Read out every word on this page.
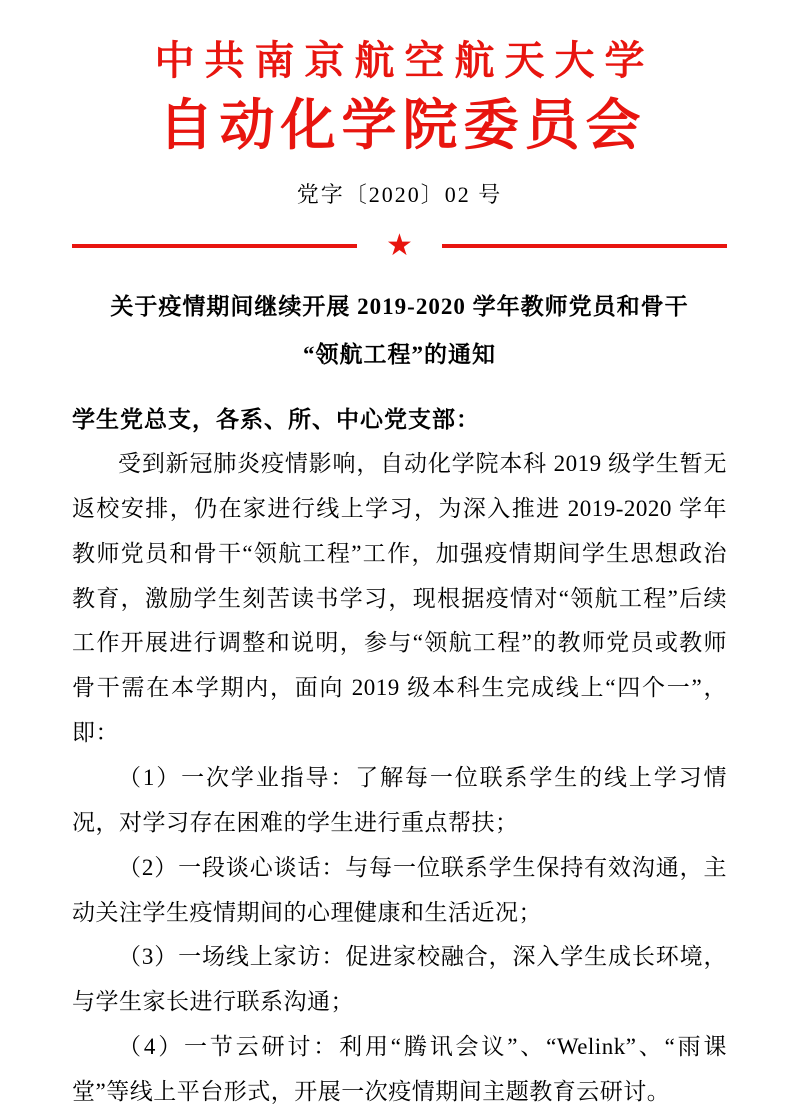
中共南京航空航天大学
自动化学院委员会
党字〔2020〕02 号
★
关于疫情期间继续开展 2019-2020 学年教师党员和骨干
“领航工程”的通知
学生党总支，各系、所、中心党支部：

受到新冠肺炎疫情影响，自动化学院本科 2019 级学生暂无返校安排，仍在家进行线上学习，为深入推进 2019-2020 学年教师党员和骨干“领航工程”工作，加强疫情期间学生思想政治教育，激励学生刻苦读书学习，现根据疫情对“领航工程”后续工作开展进行调整和说明，参与“领航工程”的教师党员或教师骨干需在本学期内，面向 2019 级本科生完成线上“四个一”，即：

（1）一次学业指导：了解每一位联系学生的线上学习情况，对学习存在困难的学生进行重点帮扶；

（2）一段谈心谈话：与每一位联系学生保持有效沟通，主动关注学生疫情期间的心理健康和生活近况；

（3）一场线上家访：促进家校融合，深入学生成长环境，与学生家长进行联系沟通；

（4）一节云研讨：利用“腾讯会议”、“Welink”、“雨课堂”等线上平台形式，开展一次疫情期间主题教育云研讨。
